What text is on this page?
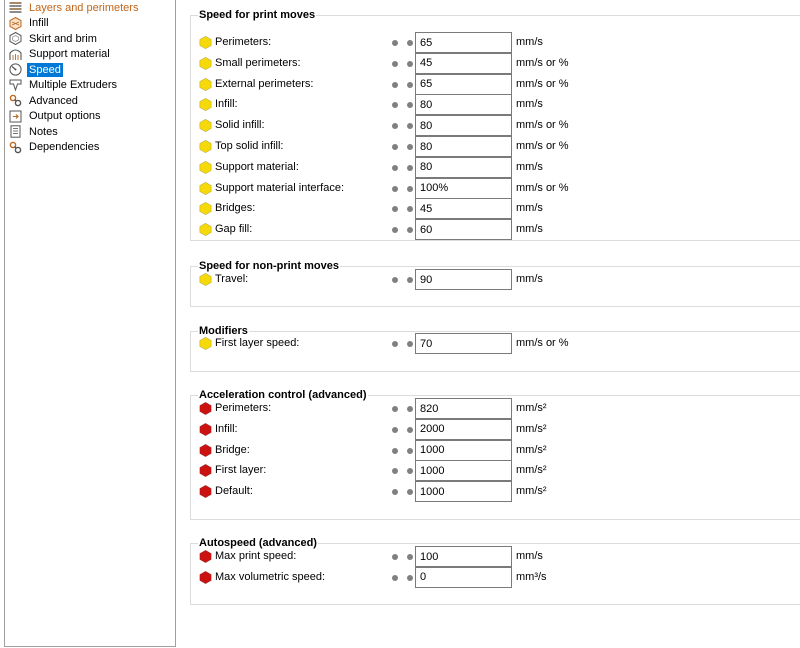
Layers and perimeters
Infill
Skirt and brim
Support material
Speed
Multiple Extruders
Advanced
Output options
Notes
Dependencies
Speed for print moves
Perimeters:
65	mm/s
Small perimeters:
45	mm/s or %
External perimeters:
65	mm/s or %
Infill:
80	mm/s
Solid infill:
80	mm/s or %
Top solid infill:
80	mm/s or %
Support material:
80	mm/s
Support material interface:
100%	mm/s or %
Bridges:
45	mm/s
Gap fill:
60	mm/s
Speed for non-print moves
Travel:
90	mm/s
Modifiers
First layer speed:
70	mm/s or %
Acceleration control (advanced)
Perimeters:
820	mm/s²
Infill:
2000	mm/s²
Bridge:
1000	mm/s²
First layer:
1000	mm/s²
Default:
1000	mm/s²
Autospeed (advanced)
Max print speed:
100	mm/s
Max volumetric speed:
0	mm³/s
